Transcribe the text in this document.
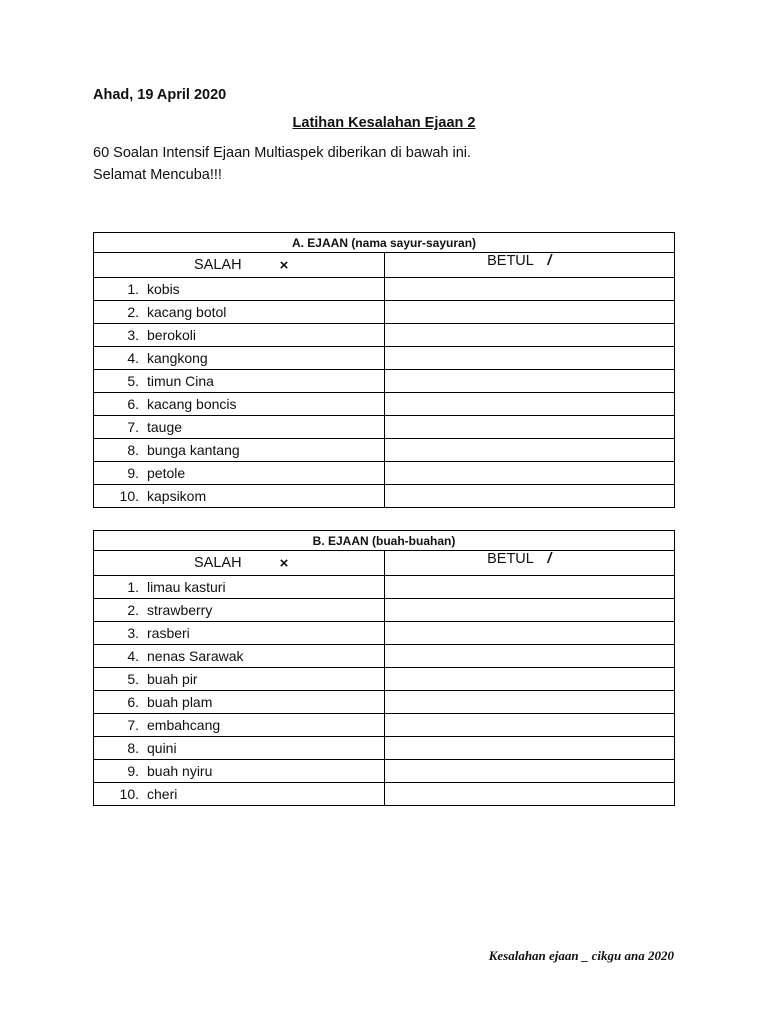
Ahad, 19 April 2020
Latihan Kesalahan Ejaan 2
60 Soalan Intensif Ejaan Multiaspek diberikan di bawah ini.
Selamat Mencuba!!!
A. EJAAN (nama sayur-sayuran)	

SALAH ×	BETUL /

1. kobis	
2. kacang botol	
3. berokoli	
4. kangkong	
5. timun Cina	
6. kacang boncis	
7. tauge	
8. bunga kantang	
9. petole	
10. kapsikom	
B. EJAAN (buah-buahan)	

SALAH ×	BETUL /

1. limau kasturi	
2. strawberry	
3. rasberi	
4. nenas Sarawak	
5. buah pir	
6. buah plam	
7. embahcang	
8. quini	
9. buah nyiru	
10. cheri	
Kesalahan ejaan _ cikgu ana 2020
